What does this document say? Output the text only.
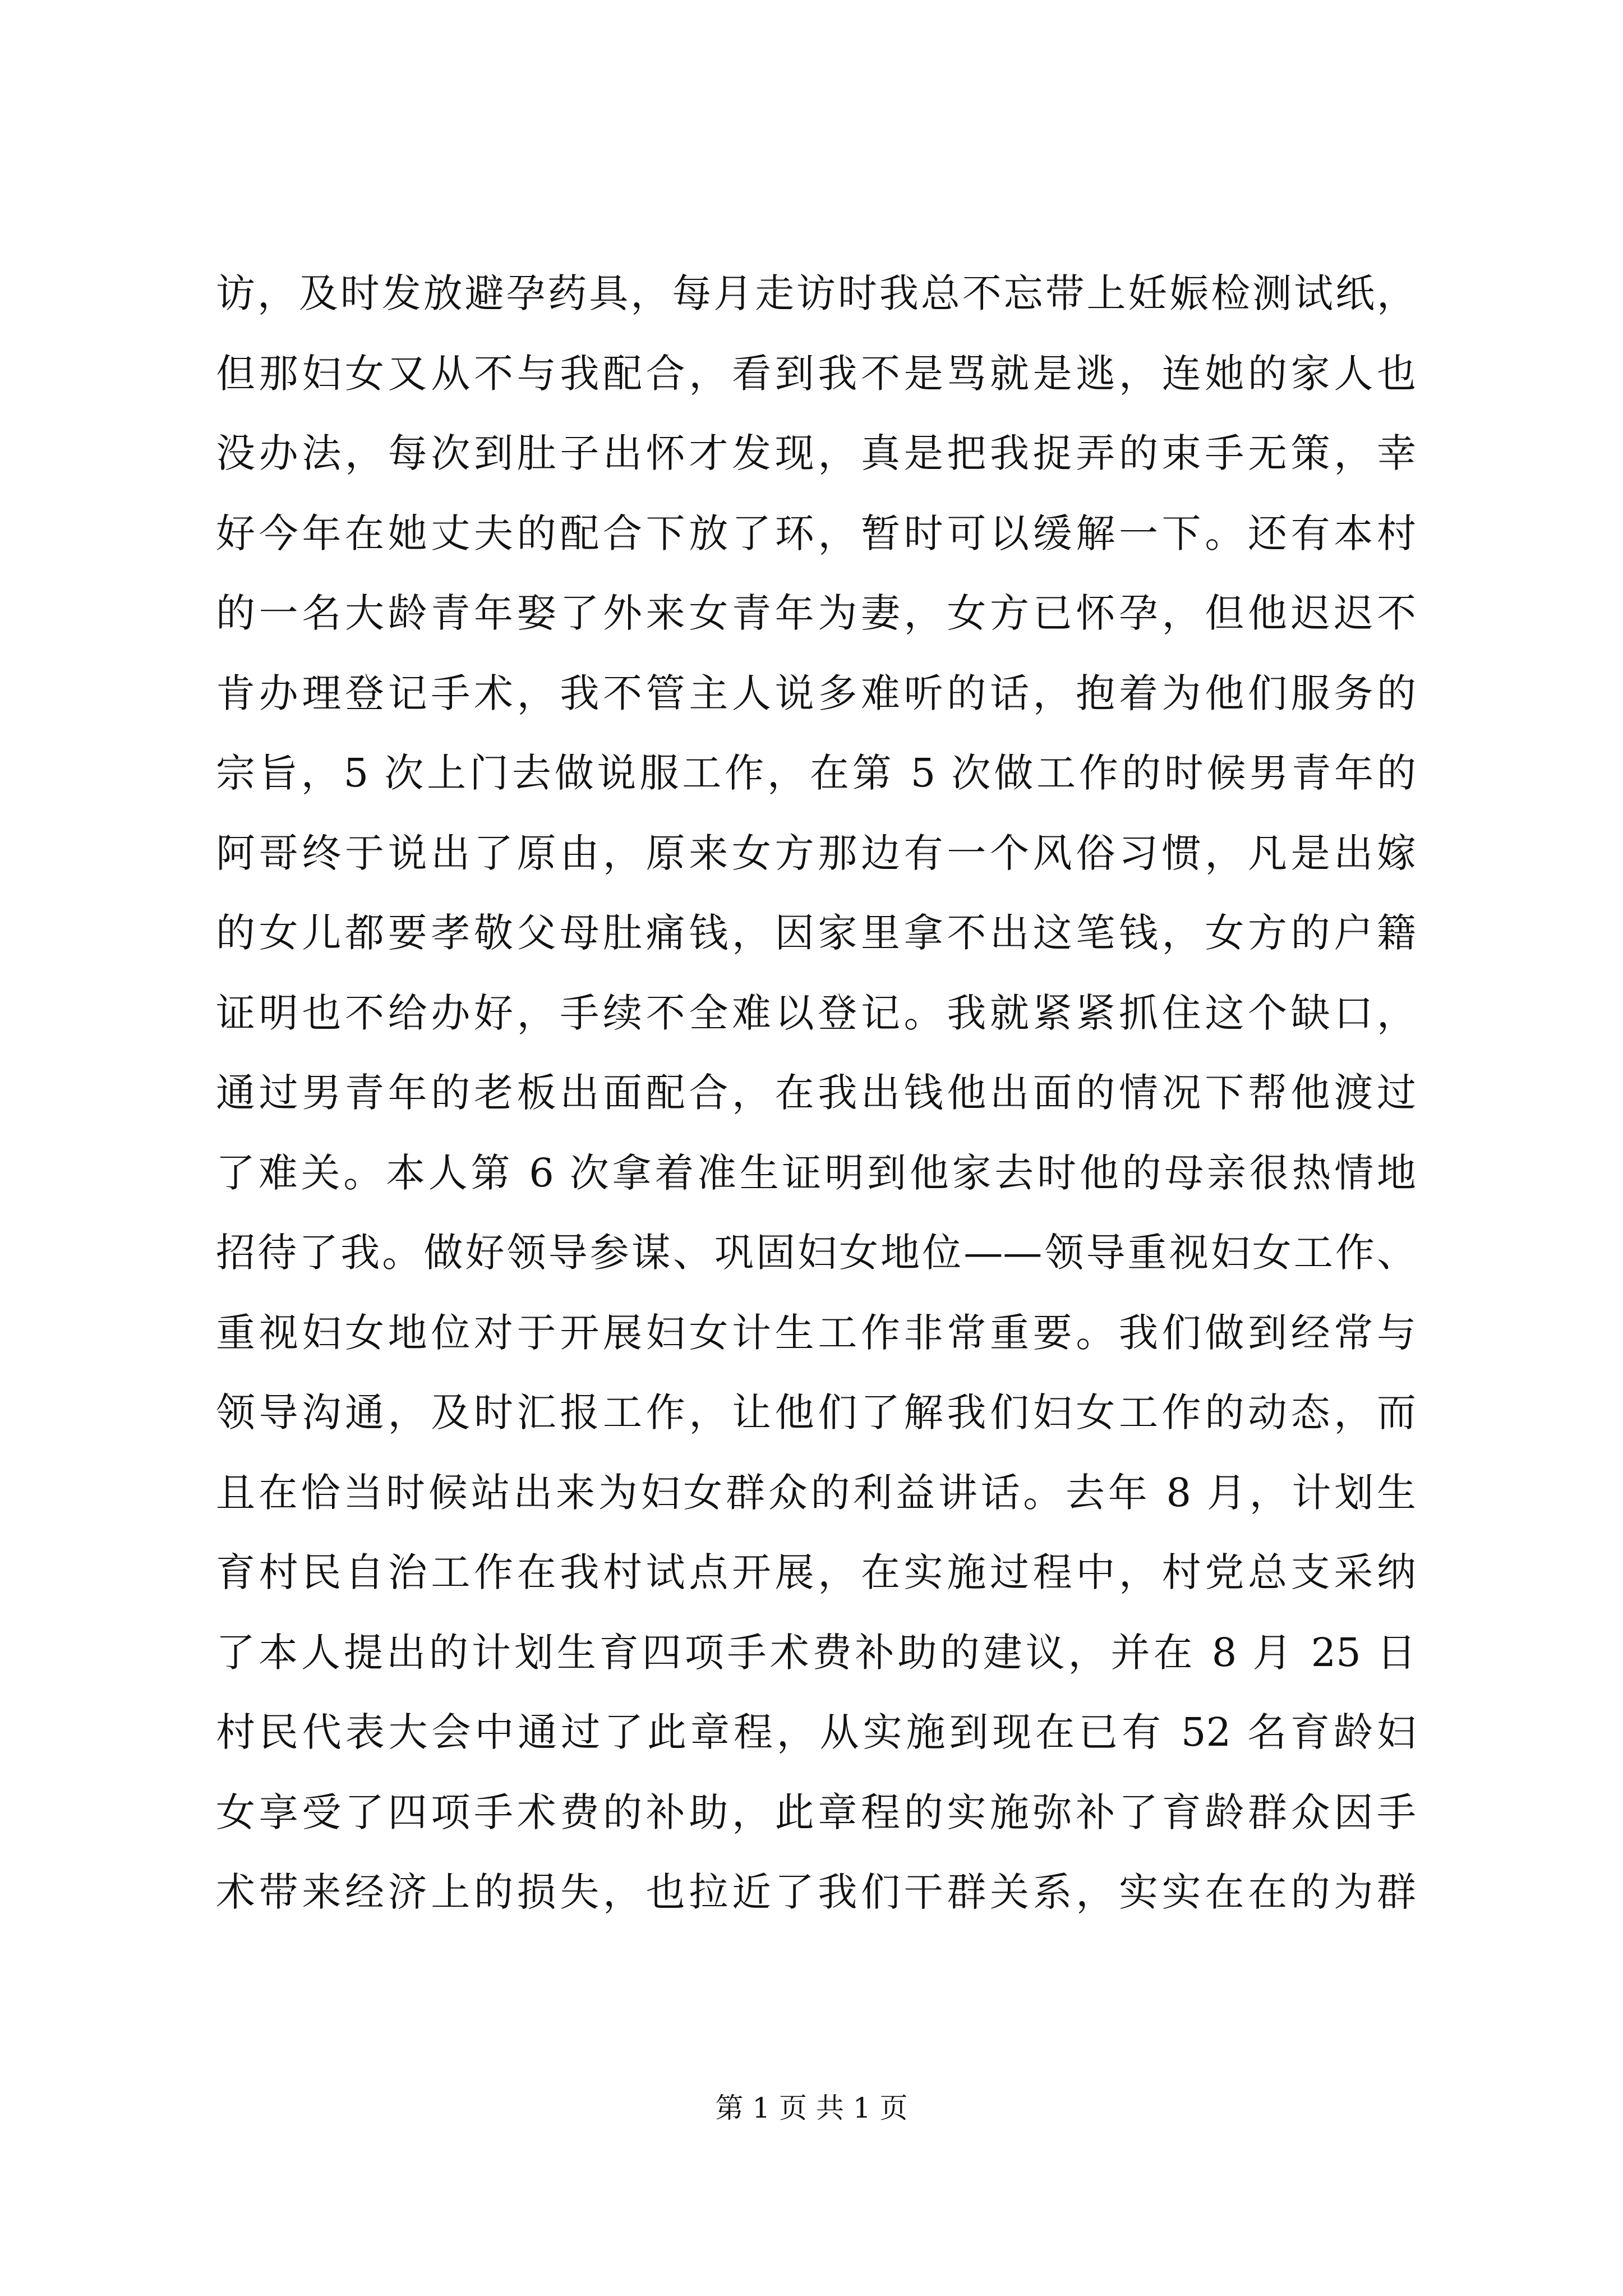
访，及时发放避孕药具，每月走访时我总不忘带上妊娠检测试纸，
但那妇女又从不与我配合，看到我不是骂就是逃，连她的家人也
没办法，每次到肚子出怀才发现，真是把我捉弄的束手无策，幸
好今年在她丈夫的配合下放了环，暂时可以缓解一下。还有本村
的一名大龄青年娶了外来女青年为妻，女方已怀孕，但他迟迟不
肯办理登记手术，我不管主人说多难听的话，抱着为他们服务的
宗旨，5 次上门去做说服工作，在第 5 次做工作的时候男青年的
阿哥终于说出了原由，原来女方那边有一个风俗习惯，凡是出嫁
的女儿都要孝敬父母肚痛钱，因家里拿不出这笔钱，女方的户籍
证明也不给办好，手续不全难以登记。我就紧紧抓住这个缺口，
通过男青年的老板出面配合，在我出钱他出面的情况下帮他渡过
了难关。本人第 6 次拿着准生证明到他家去时他的母亲很热情地
招待了我。做好领导参谋、巩固妇女地位——领导重视妇女工作、
重视妇女地位对于开展妇女计生工作非常重要。我们做到经常与
领导沟通，及时汇报工作，让他们了解我们妇女工作的动态，而
且在恰当时候站出来为妇女群众的利益讲话。去年 8 月，计划生
育村民自治工作在我村试点开展，在实施过程中，村党总支采纳
了本人提出的计划生育四项手术费补助的建议，并在 8 月 25 日
村民代表大会中通过了此章程，从实施到现在已有 52 名育龄妇
女享受了四项手术费的补助，此章程的实施弥补了育龄群众因手
术带来经济上的损失，也拉近了我们干群关系，实实在在的为群
第 1 页 共 1 页
